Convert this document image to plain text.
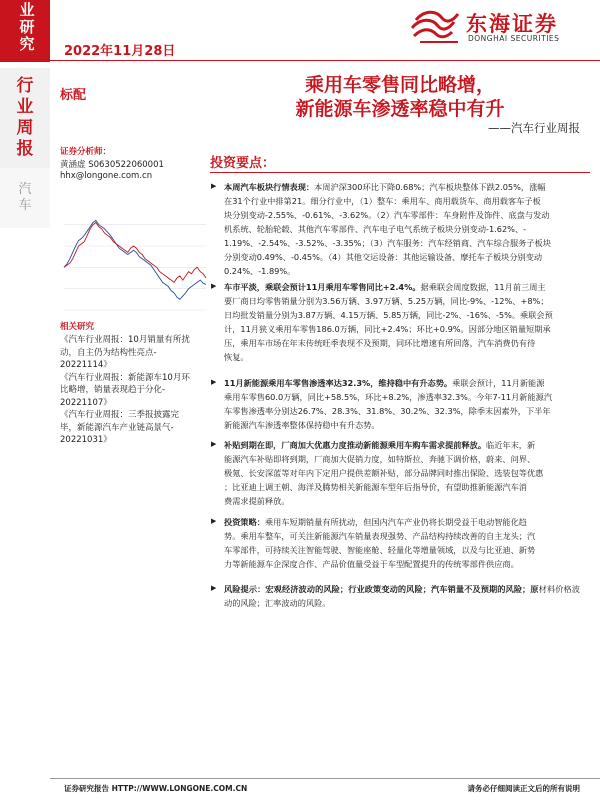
业研究
行业周报
汽车
2022年11月28日
东海证券
DONGHAI SECURITIES
标配	乘用车零售同比略增，
新能源车渗透率稳中有升
——汽车行业周报
证券分析师：
黄涵虚 S0630522060001
hhx@longone.com.cn
相关研究
《汽车行业周报：10月销量有所扰
动，自主仍为结构性亮点-
20221114》
《汽车行业周报：新能源车10月环
比略增，销量表现趋于分化-
20221107》
《汽车行业周报：三季报披露完
毕，新能源汽车产业链高景气-
20221031》
投资要点：
▶ 本周汽车板块行情表现：本周沪深300环比下降0.68%；汽车板块整体下跌2.05%，涨幅
在31个行业中排第21。细分行业中，（1）整车：乘用车、商用载货车、商用载客车子板
块分别变动-2.55%、-0.61%、-3.62%。（2）汽车零部件：车身附件及饰件、底盘与发动
机系统、轮胎轮毂、其他汽车零部件、汽车电子电气系统子板块分别变动-1.62%、-
1.19%、-2.54%、-3.52%、-3.35%；（3）汽车服务：汽车经销商、汽车综合服务子板块
分别变动0.49%、-0.45%。（4）其他交运设备：其他运输设备、摩托车子板块分别变动
0.24%、-1.89%。
▶ 车市平淡，乘联会预计11月乘用车零售同比+2.4%。据乘联会周度数据，11月前三周主
要厂商日均零售销量分别为3.56万辆、3.97万辆、5.25万辆，同比-9%、-12%、+8%；
日均批发销量分别为3.87万辆、4.15万辆、5.85万辆，同比-2%、-16%、-5%。乘联会预
计，11月狭义乘用车零售186.0万辆，同比+2.4%；环比+0.9%。因部分地区销量短期承
压，乘用车市场在年末传统旺季表现不及预期，同环比增速有所回落，汽车消费仍有待
恢复。
▶ 11月新能源乘用车零售渗透率达32.3%，维持稳中有升态势。乘联会预计，11月新能源
乘用车零售60.0万辆，同比+58.5%，环比+8.2%，渗透率32.3%。今年7-11月新能源汽
车零售渗透率分别达26.7%、28.3%、31.8%、30.2%、32.3%，除季末因素外，下半年
新能源汽车渗透率整体保持稳中有升态势。
▶ 补贴到期在即，厂商加大优惠力度推动新能源乘用车购车需求提前释放。临近年末，新
能源汽车补贴即将到期，厂商加大促销力度，如特斯拉、奔驰下调价格，蔚来、问界、
极氪、长安深蓝等对年内下定用户提供差额补贴，部分品牌同时推出保险、选装包等优惠
；比亚迪上调王朝、海洋及腾势相关新能源车型年后指导价，有望助推新能源汽车消
费需求提前释放。
▶ 投资策略：乘用车短期销量有所扰动，但国内汽车产业仍将长期受益于电动智能化趋
势。乘用车整车，可关注新能源汽车销量表现强势、产品结构持续改善的自主龙头；汽
车零部件，可持续关注智能驾驶、智能座舱、轻量化等增量领域，以及与比亚迪、新势
力等新能源车企深度合作、产品价值量受益于车型配置提升的传统零部件供应商。
▶ 风险提示：宏观经济波动的风险；行业政策变动的风险；汽车销量不及预期的风险；原材料价格波动的风险；汇率波动的风险。
证券研究报告 HTTP://WWW.LONGONE.COM.CN	请务必仔细阅读正文后的所有说明
